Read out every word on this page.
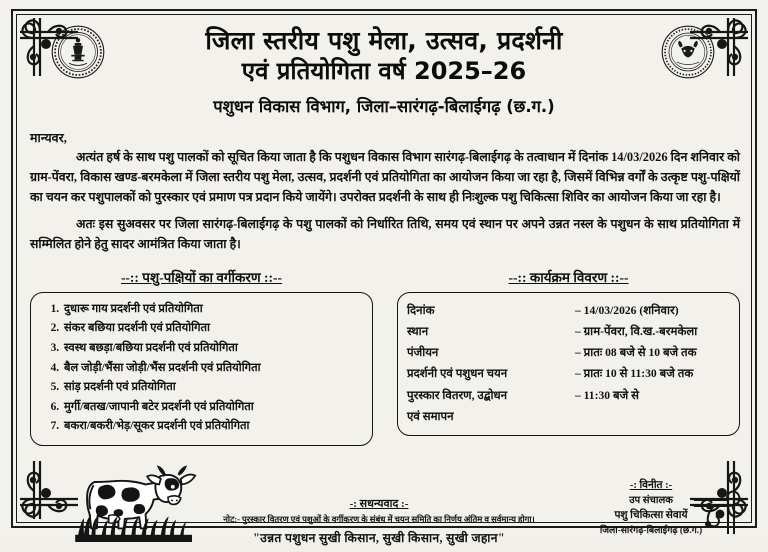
जिला स्तरीय पशु मेला, उत्सव, प्रदर्शनी
एवं प्रतियोगिता वर्ष 2025–26
पशुधन विकास विभाग, जिला–सारंगढ़-बिलाईगढ़ (छ.ग.)
मान्यवर,
अत्यंत हर्ष के साथ पशु पालकों को सूचित किया जाता है कि पशुधन विकास विभाग सारंगढ़-बिलाईगढ़ के तत्वाधान में दिनांक 14/03/2026 दिन शनिवार को ग्राम-पेंवरा, विकास खण्ड-बरमकेला में जिला स्तरीय पशु मेला, उत्सव, प्रदर्शनी एवं प्रतियोगिता का आयोजन किया जा रहा है, जिसमें विभिन्न वर्गों के उत्कृष्ट पशु-पक्षियों का चयन कर पशुपालकों को पुरस्कार एवं प्रमाण पत्र प्रदान किये जायेंगे। उपरोक्त प्रदर्शनी के साथ ही निःशुल्क पशु चिकित्सा शिविर का आयोजन किया जा रहा है।
अतः इस सुअवसर पर जिला सारंगढ़-बिलाईगढ़ के पशु पालकों को निर्धारित तिथि, समय एवं स्थान पर अपने उन्नत नस्ल के पशुधन के साथ प्रतियोगिता में सम्मिलित होने हेतु सादर आमंत्रित किया जाता है।
--:: पशु-पक्षियों का वर्गीकरण ::--
1. दुधारू गाय प्रदर्शनी एवं प्रतियोगिता
2. संकर बछिया प्रदर्शनी एवं प्रतियोगिता
3. स्वस्थ बछड़ा/बछिया प्रदर्शनी एवं प्रतियोगिता
4. बैल जोड़ी/भैंसा जोड़ी/भैंस प्रदर्शनी एवं प्रतियोगिता
5. सांड़ प्रदर्शनी एवं प्रतियोगिता
6. मुर्गी/बतख/जापानी बटेर प्रदर्शनी एवं प्रतियोगिता
7. बकरा/बकरी/भेड़/सूकर प्रदर्शनी एवं प्रतियोगिता
--:: कार्यक्रम विवरण ::--
दिनांक	– 14/03/2026 (शनिवार)
स्थान	– ग्राम-पेंवरा, वि.ख.-बरमकेला
पंजीयन	– प्रातः 08 बजे से 10 बजे तक
प्रदर्शनी एवं पशुधन चयन	– प्रातः 10 से 11:30 बजे तक
पुरस्कार वितरण, उद्बोधन	– 11:30 बजे से
एवं समापन	
-: सधन्यवाद :-
नोट:- पुरस्कार वितरण एवं पशुओं के वर्गीकरण के संबंध में चयन समिति का निर्णय अंतिम व सर्वमान्य होगा।
"उन्नत पशुधन सुखी किसान, सुखी किसान, सुखी जहान"
-: विनीत :-
उप संचालक
पशु चिकित्सा सेवायें
जिला-सारंगढ़-बिलाईगढ़ (छ.ग.)
